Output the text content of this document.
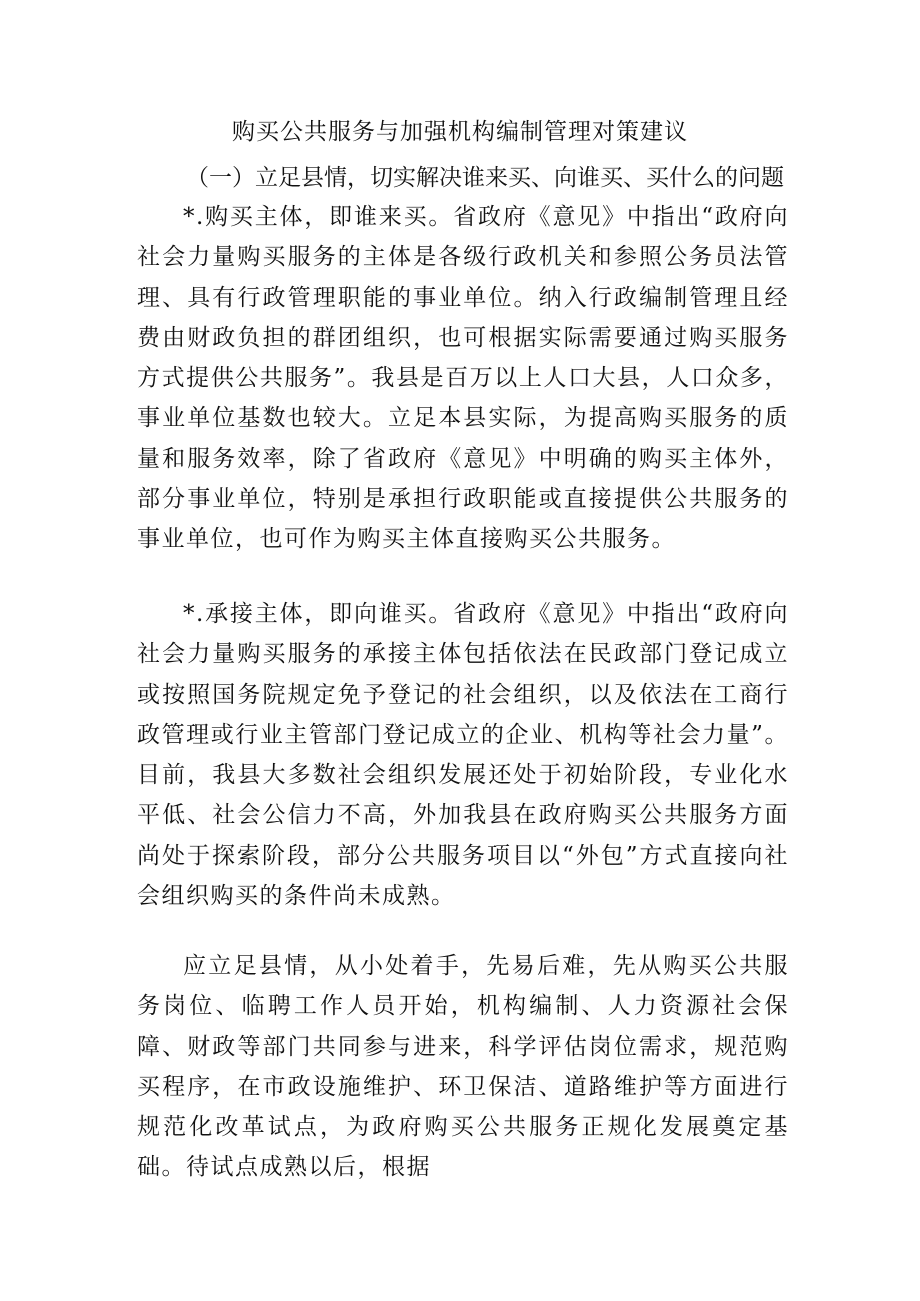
购买公共服务与加强机构编制管理对策建议
（一）立足县情，切实解决谁来买、向谁买、买什么的问题

*.购买主体，即谁来买。省政府《意见》中指出“政府向社会力量购买服务的主体是各级行政机关和参照公务员法管理、具有行政管理职能的事业单位。纳入行政编制管理且经费由财政负担的群团组织，也可根据实际需要通过购买服务方式提供公共服务”。我县是百万以上人口大县，人口众多，事业单位基数也较大。立足本县实际，为提高购买服务的质量和服务效率，除了省政府《意见》中明确的购买主体外，部分事业单位，特别是承担行政职能或直接提供公共服务的事业单位，也可作为购买主体直接购买公共服务。

*.承接主体，即向谁买。省政府《意见》中指出“政府向社会力量购买服务的承接主体包括依法在民政部门登记成立或按照国务院规定免予登记的社会组织，以及依法在工商行政管理或行业主管部门登记成立的企业、机构等社会力量”。目前，我县大多数社会组织发展还处于初始阶段，专业化水平低、社会公信力不高，外加我县在政府购买公共服务方面尚处于探索阶段，部分公共服务项目以“外包”方式直接向社会组织购买的条件尚未成熟。

应立足县情，从小处着手，先易后难，先从购买公共服务岗位、临聘工作人员开始，机构编制、人力资源社会保障、财政等部门共同参与进来，科学评估岗位需求，规范购买程序，在市政设施维护、环卫保洁、道路维护等方面进行规范化改革试点，为政府购买公共服务正规化发展奠定基础。待试点成熟以后，根据
